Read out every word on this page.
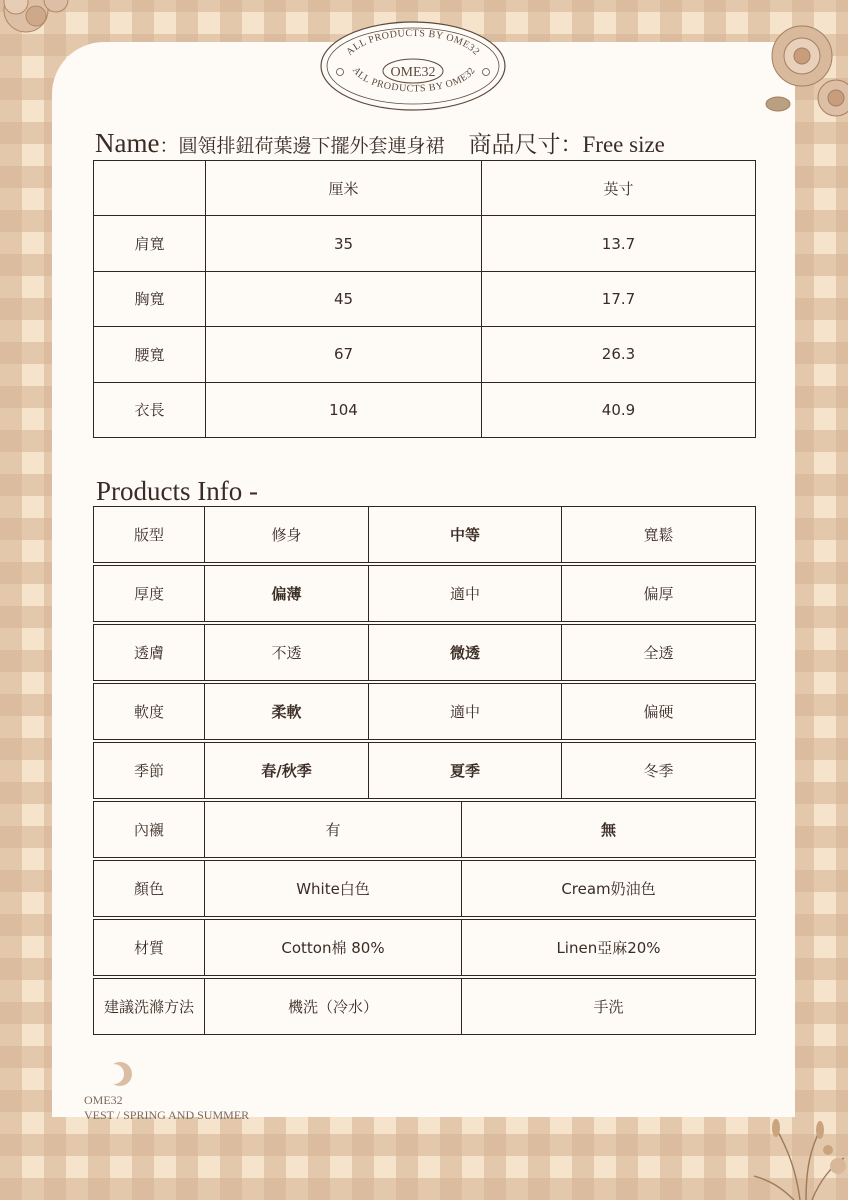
ALL PRODUCTS BY OME32
ALL PRODUCTS BY OME32
OME32
Name：圓領排鈕荷葉邊下擺外套連身裙 商品尺寸：Free size
	厘米	英寸
肩寬	35	13.7
胸寬	45	17.7
腰寬	67	26.3
衣長	104	40.9
Products Info -
版型	修身	中等	寬鬆
厚度	偏薄	適中	偏厚
透膚	不透	微透	全透
軟度	柔軟	適中	偏硬
季節	春/秋季	夏季	冬季
內襯	有	無
顏色	White白色	Cream奶油色
材質	Cotton棉 80%	Linen亞麻20%
建議洗滌方法	機洗（冷水）	手洗
OME32
VEST / SPRING AND SUMMER
